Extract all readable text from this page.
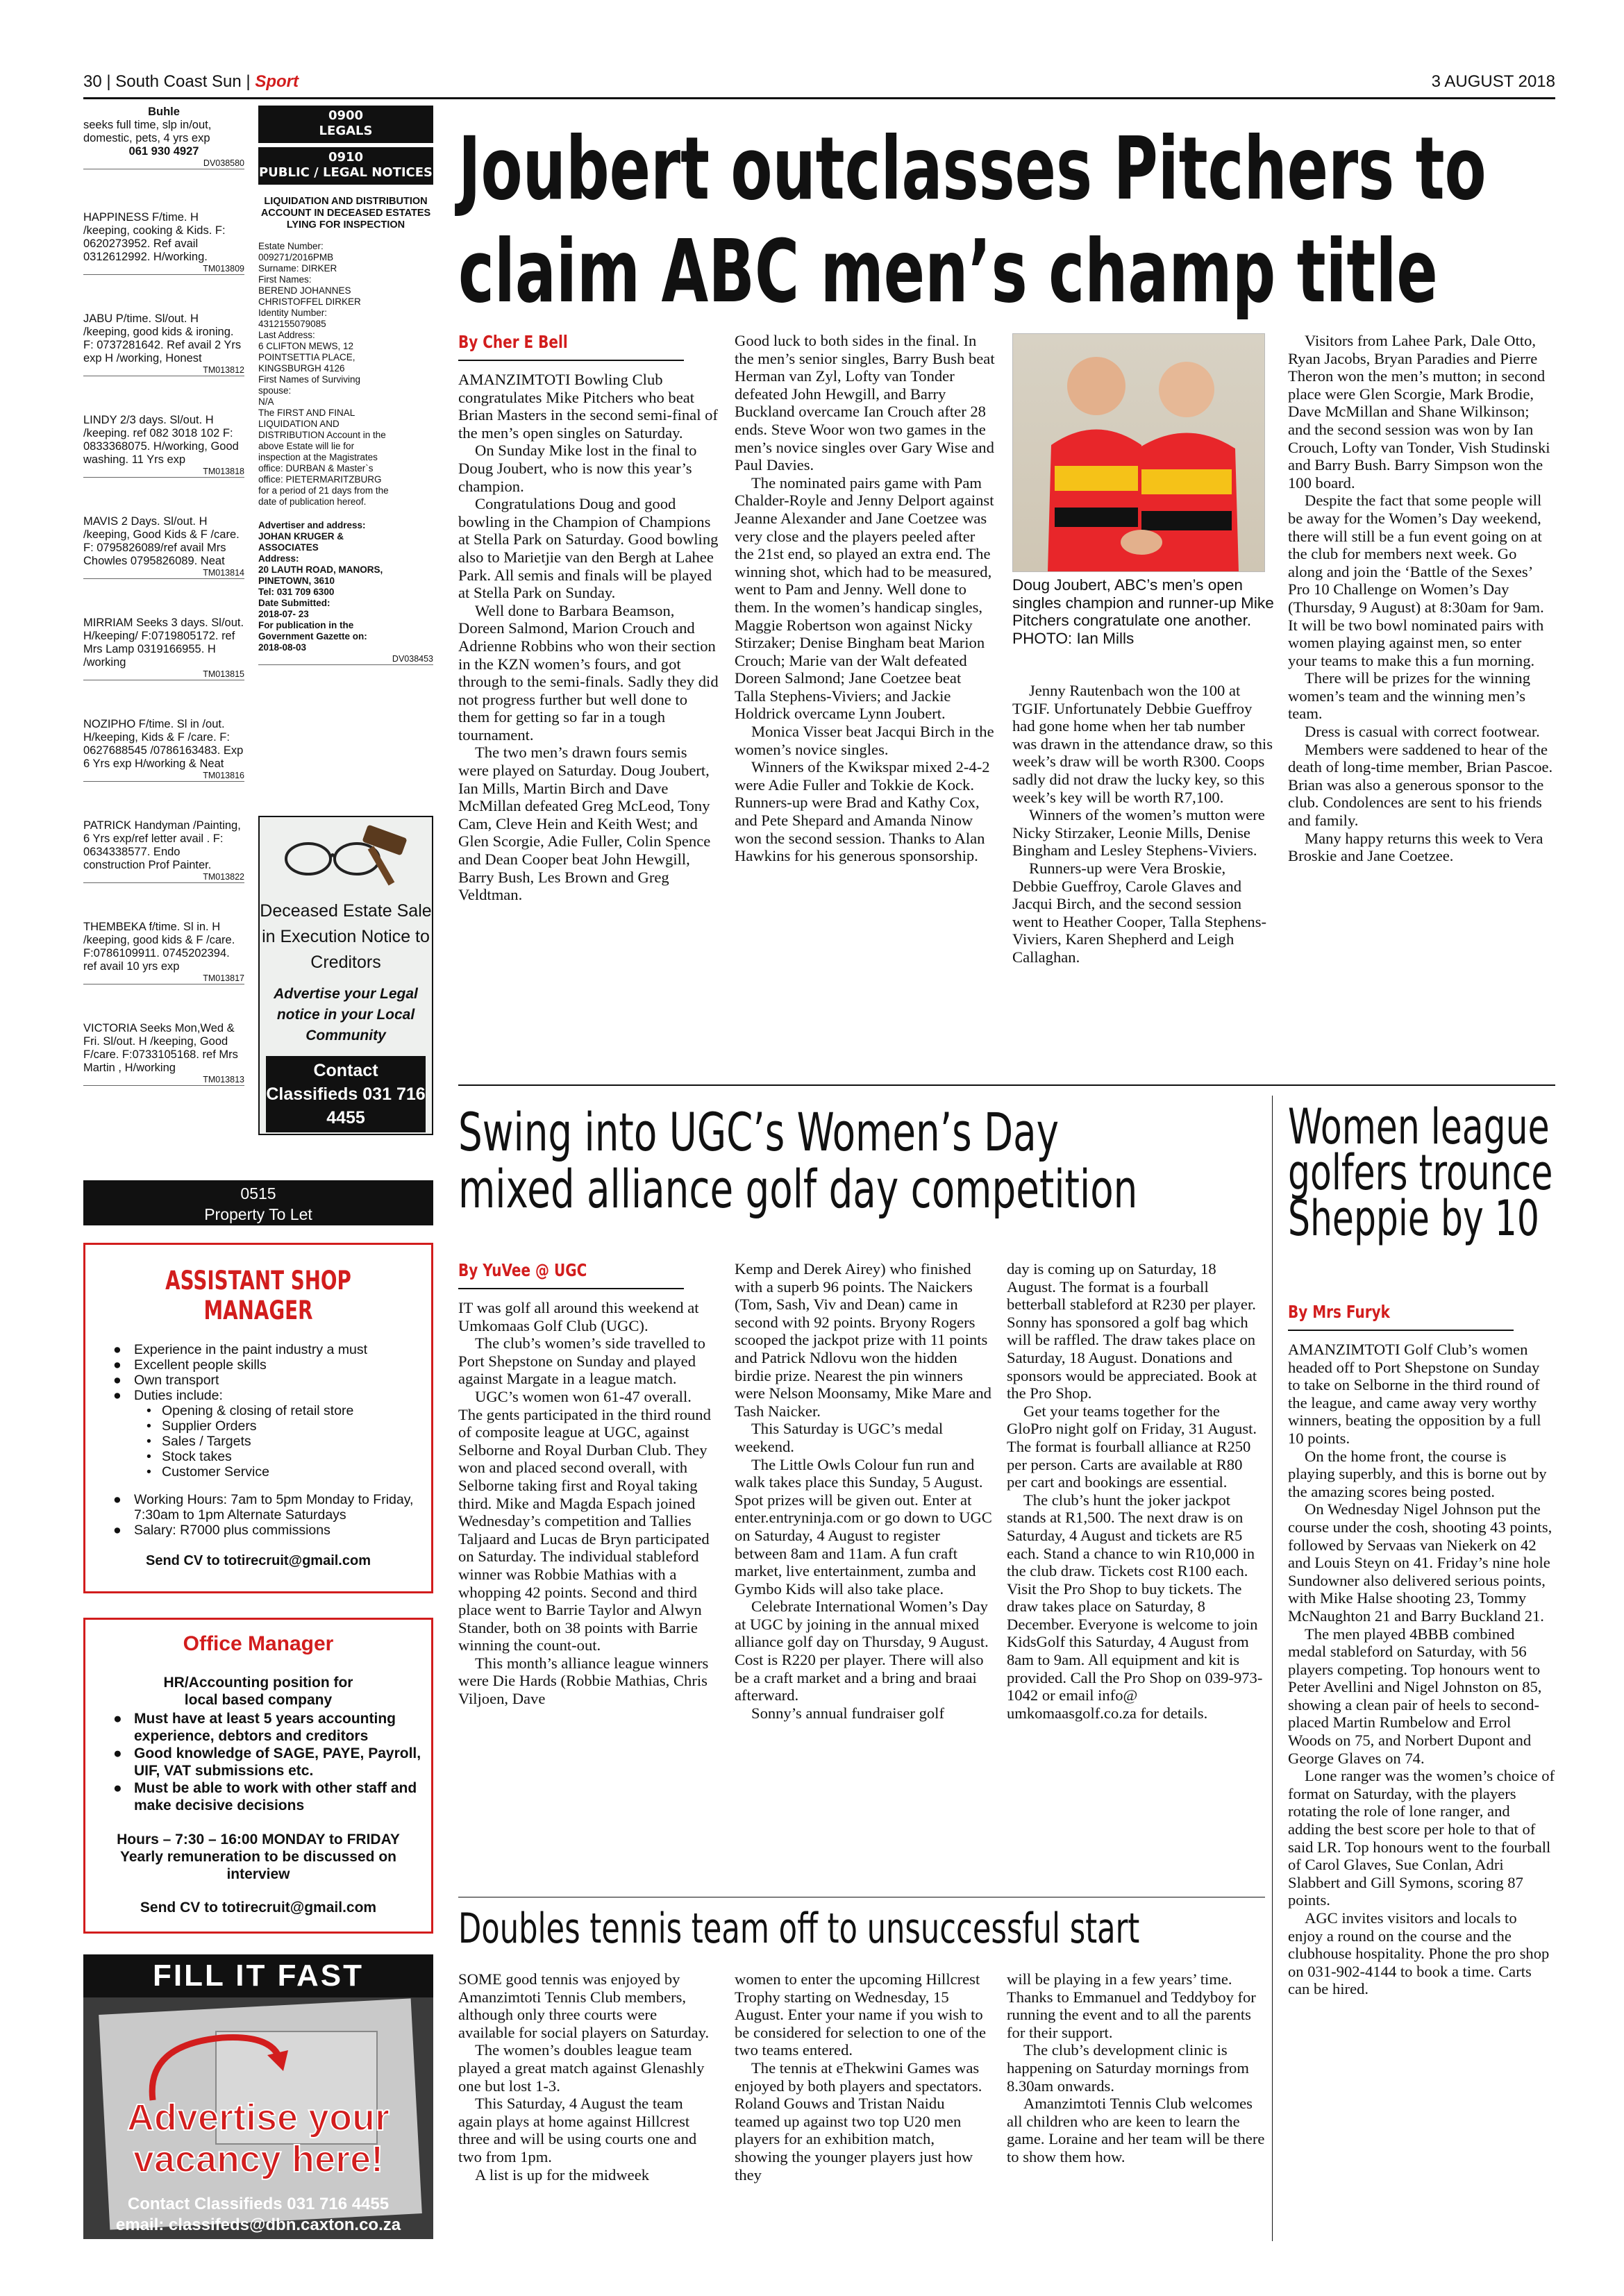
30 | South Coast Sun | Sport	3 AUGUST 2018
Buhle
seeks full time, slp in/out, domestic, pets, 4 yrs exp
061 930 4927
DV038580
HAPPINESS F/time. H /keeping, cooking & Kids. F: 0620273952. Ref avail 0312612992. H/working.
TM013809
JABU P/time. Sl/out. H /keeping, good kids & ironing. F: 0737281642. Ref avail 2 Yrs exp H /working, Honest
TM013812
LINDY 2/3 days. Sl/out. H /keeping. ref 082 3018 102 F: 0833368075. H/working, Good washing. 11 Yrs exp
TM013818
MAVIS 2 Days. Sl/out. H /keeping, Good Kids & F /care. F: 0795826089/ref avail Mrs Chowles 0795826089. Neat
TM013814
MIRRIAM Seeks 3 days. Sl/out. H/keeping/ F:0719805172. ref Mrs Lamp 0319166955. H /working
TM013815
NOZIPHO F/time. Sl in /out. H/keeping, Kids & F /care. F: 0627688545 /0786163483. Exp 6 Yrs exp H/working & Neat
TM013816
PATRICK Handyman /Painting, 6 Yrs exp/ref letter avail . F: 0634338577. Endo construction Prof Painter.
TM013822
THEMBEKA f/time. Sl in. H /keeping, good kids & F /care. F:0786109911. 0745202394. ref avail 10 yrs exp
TM013817
VICTORIA Seeks Mon,Wed & Fri. Sl/out. H /keeping, Good F/care. F:0733105168. ref Mrs Martin , H/working
TM013813
0900
LEGALS
0910
PUBLIC / LEGAL NOTICES
LIQUIDATION AND DISTRIBUTION ACCOUNT IN DECEASED ESTATES LYING FOR INSPECTION
Estate Number:
009271/2016PMB
Surname: DIRKER
First Names:
BEREND JOHANNES
CHRISTOFFEL DIRKER
Identity Number:
4312155079085
Last Address:
6 CLIFTON MEWS, 12
POINTSETTIA PLACE,
KINGSBURGH 4126
First Names of Surviving
spouse:
N/A
The FIRST AND FINAL
LIQUIDATION AND
DISTRIBUTION Account in the
above Estate will lie for
inspection at the Magistrates
office: DURBAN & Master`s
office: PIETERMARITZBURG
for a period of 21 days from the
date of publication hereof.
Advertiser and address:
JOHAN KRUGER &
ASSOCIATES
Address:
20 LAUTH ROAD, MANORS,
PINETOWN, 3610
Tel: 031 709 6300
Date Submitted:
2018-07- 23
For publication in the
Government Gazette on:
2018-08-03
DV038453
Deceased Estate Sale in Execution Notice to Creditors
Advertise your Legal notice in your Local Community
Contact Classifieds 031 716 4455
0515
Property To Let
ASSISTANT SHOP MANAGER
● Experience in the paint industry a must
● Excellent people skills
● Own transport
● Duties include:
• Opening & closing of retail store
• Supplier Orders
• Sales / Targets
• Stock takes
• Customer Service
● Working Hours: 7am to 5pm Monday to Friday, 7:30am to 1pm Alternate Saturdays
● Salary: R7000 plus commissions
Send CV to totirecruit@gmail.com
Office Manager
HR/Accounting position for local based company
● Must have at least 5 years accounting experience, debtors and creditors
● Good knowledge of SAGE, PAYE, Payroll, UIF, VAT submissions etc.
● Must be able to work with other staff and make decisive decisions
Hours – 7:30 – 16:00 MONDAY to FRIDAY Yearly remuneration to be discussed on interview
Send CV to totirecruit@gmail.com
FILL IT FAST
Advertise your vacancy here!
Contact Classifieds 031 716 4455
email: classifeds@dbn.caxton.co.za
Joubert outclasses Pitchers to
claim ABC men’s champ title
By Cher E Bell

AMANZIMTOTI Bowling Club congratulates Mike Pitchers who beat Brian Masters in the second semi-final of the men’s open singles on Saturday.

On Sunday Mike lost in the final to Doug Joubert, who is now this year’s champion.

Congratulations Doug and good bowling in the Champion of Champions at Stella Park on Saturday. Good bowling also to Marietjie van den Bergh at Lahee Park. All semis and finals will be played at Stella Park on Sunday.

Well done to Barbara Beamson, Doreen Salmond, Marion Crouch and Adrienne Robbins who won their section in the KZN women’s fours, and got through to the semi-finals. Sadly they did not progress further but well done to them for getting so far in a tough tournament.

The two men’s drawn fours semis were played on Saturday. Doug Joubert, Ian Mills, Martin Birch and Dave McMillan defeated Greg McLeod, Tony Cam, Cleve Hein and Keith West; and Glen Scorgie, Adie Fuller, Colin Spence and Dean Cooper beat John Hewgill, Barry Bush, Les Brown and Greg Veldtman.

Good luck to both sides in the final. In the men’s senior singles, Barry Bush beat Herman van Zyl, Lofty van Tonder defeated John Hewgill, and Barry Buckland overcame Ian Crouch after 28 ends. Steve Woor won two games in the men’s novice singles over Gary Wise and Paul Davies.

The nominated pairs game with Pam Chalder-Royle and Jenny Delport against Jeanne Alexander and Jane Coetzee was very close and the players peeled after the 21st end, so played an extra end. The winning shot, which had to be measured, went to Pam and Jenny. Well done to them. In the women’s handicap singles, Maggie Robertson won against Nicky Stirzaker; Denise Bingham beat Marion Crouch; Marie van der Walt defeated Doreen Salmond; Jane Coetzee beat Talla Stephens-Viviers; and Jackie Holdrick overcame Lynn Joubert.

Monica Visser beat Jacqui Birch in the women’s novice singles.

Winners of the Kwikspar mixed 2-4-2 were Adie Fuller and Tokkie de Kock. Runners-up were Brad and Kathy Cox, and Pete Shepard and Amanda Ninow won the second session. Thanks to Alan Hawkins for his generous sponsorship.

Doug Joubert, ABC’s men’s open singles champion and runner-up Mike Pitchers congratulate one another. PHOTO: Ian Mills

Jenny Rautenbach won the 100 at TGIF. Unfortunately Debbie Gueffroy had gone home when her tab number was drawn in the attendance draw, so this week’s draw will be worth R300. Coops sadly did not draw the lucky key, so this week’s key will be worth R7,100.

Winners of the women’s mutton were Nicky Stirzaker, Leonie Mills, Denise Bingham and Lesley Stephens-Viviers.

Runners-up were Vera Broskie, Debbie Gueffroy, Carole Glaves and Jacqui Birch, and the second session went to Heather Cooper, Talla Stephens-Viviers, Karen Shepherd and Leigh Callaghan.

Visitors from Lahee Park, Dale Otto, Ryan Jacobs, Bryan Paradies and Pierre Theron won the men’s mutton; in second place were Glen Scorgie, Mark Brodie, Dave McMillan and Shane Wilkinson; and the second session was won by Ian Crouch, Lofty van Tonder, Vish Studinski and Barry Bush. Barry Simpson won the 100 board.

Despite the fact that some people will be away for the Women’s Day weekend, there will still be a fun event going on at the club for members next week. Go along and join the ‘Battle of the Sexes’ Pro 10 Challenge on Women’s Day (Thursday, 9 August) at 8:30am for 9am. It will be two bowl nominated pairs with women playing against men, so enter your teams to make this a fun morning.

There will be prizes for the winning women’s team and the winning men’s team.

Dress is casual with correct footwear.

Members were saddened to hear of the death of long-time member, Brian Pascoe. Brian was also a generous sponsor to the club. Condolences are sent to his friends and family.

Many happy returns this week to Vera Broskie and Jane Coetzee.

Swing into UGC’s Women’s Day
mixed alliance golf day competition
By YuVee @ UGC

IT was golf all around this weekend at Umkomaas Golf Club (UGC).

The club’s women’s side travelled to Port Shepstone on Sunday and played against Margate in a league match.

UGC’s women won 61-47 overall. The gents participated in the third round of composite league at UGC, against Selborne and Royal Durban Club. They won and placed second overall, with Selborne taking first and Royal taking third. Mike and Magda Espach joined Wednesday’s competition and Tallies Taljaard and Lucas de Bryn participated on Saturday. The individual stableford winner was Robbie Mathias with a whopping 42 points. Second and third place went to Barrie Taylor and Alwyn Stander, both on 38 points with Barrie winning the count-out.

This month’s alliance league winners were Die Hards (Robbie Mathias, Chris Viljoen, Dave

Kemp and Derek Airey) who finished with a superb 96 points. The Naickers (Tom, Sash, Viv and Dean) came in second with 92 points. Bryony Rogers scooped the jackpot prize with 11 points and Patrick Ndlovu won the hidden birdie prize. Nearest the pin winners were Nelson Moonsamy, Mike Mare and Tash Naicker.

This Saturday is UGC’s medal weekend.

The Little Owls Colour fun run and walk takes place this Sunday, 5 August. Spot prizes will be given out. Enter at enter.entryninja.com or go down to UGC on Saturday, 4 August to register between 8am and 11am. A fun craft market, live entertainment, zumba and Gymbo Kids will also take place.

Celebrate International Women’s Day at UGC by joining in the annual mixed alliance golf day on Thursday, 9 August. Cost is R220 per player. There will also be a craft market and a bring and braai afterward.

Sonny’s annual fundraiser golf

day is coming up on Saturday, 18 August. The format is a fourball betterball stableford at R230 per player. Sonny has sponsored a golf bag which will be raffled. The draw takes place on Saturday, 18 August. Donations and sponsors would be appreciated. Book at the Pro Shop.

Get your teams together for the GloPro night golf on Friday, 31 August. The format is fourball alliance at R250 per person. Carts are available at R80 per cart and bookings are essential.

The club’s hunt the joker jackpot stands at R1,500. The next draw is on Saturday, 4 August and tickets are R5 each. Stand a chance to win R10,000 in the club draw. Tickets cost R100 each. Visit the Pro Shop to buy tickets. The draw takes place on Saturday, 8 December. Everyone is welcome to join KidsGolf this Saturday, 4 August from 8am to 9am. All equipment and kit is provided. Call the Pro Shop on 039-973-1042 or email info@ umkomaasgolf.co.za for details.

Doubles tennis team off to unsuccessful start

SOME good tennis was enjoyed by Amanzimtoti Tennis Club members, although only three courts were available for social players on Saturday.

The women’s doubles league team played a great match against Glenashly one but lost 1-3.

This Saturday, 4 August the team again plays at home against Hillcrest three and will be using courts one and two from 1pm.

A list is up for the midweek

women to enter the upcoming Hillcrest Trophy starting on Wednesday, 15 August. Enter your name if you wish to be considered for selection to one of the two teams entered.

The tennis at eThekwini Games was enjoyed by both players and spectators. Roland Gouws and Tristan Naidu teamed up against two top U20 men players for an exhibition match, showing the younger players just how they

will be playing in a few years’ time. Thanks to Emmanuel and Teddyboy for running the event and to all the parents for their support.

The club’s development clinic is happening on Saturday mornings from 8.30am onwards.

Amanzimtoti Tennis Club welcomes all children who are keen to learn the game. Loraine and her team will be there to show them how.

Women league
golfers trounce
Sheppie by 10
By Mrs Furyk

AMANZIMTOTI Golf Club’s women headed off to Port Shepstone on Sunday to take on Selborne in the third round of the league, and came away very worthy winners, beating the opposition by a full 10 points.

On the home front, the course is playing superbly, and this is borne out by the amazing scores being posted.

On Wednesday Nigel Johnson put the course under the cosh, shooting 43 points, followed by Servaas van Niekerk on 42 and Louis Steyn on 41. Friday’s nine hole Sundowner also delivered serious points, with Mike Halse shooting 23, Tommy McNaughton 21 and Barry Buckland 21.

The men played 4BBB combined medal stableford on Saturday, with 56 players competing. Top honours went to Peter Avellini and Nigel Johnston on 85, showing a clean pair of heels to second-placed Martin Rumbelow and Errol Woods on 75, and Norbert Dupont and George Glaves on 74.

Lone ranger was the women’s choice of format on Saturday, with the players rotating the role of lone ranger, and adding the best score per hole to that of said LR. Top honours went to the fourball of Carol Glaves, Sue Conlan, Adri Slabbert and Gill Symons, scoring 87 points.

AGC invites visitors and locals to enjoy a round on the course and the clubhouse hospitality. Phone the pro shop on 031-902-4144 to book a time. Carts can be hired.
